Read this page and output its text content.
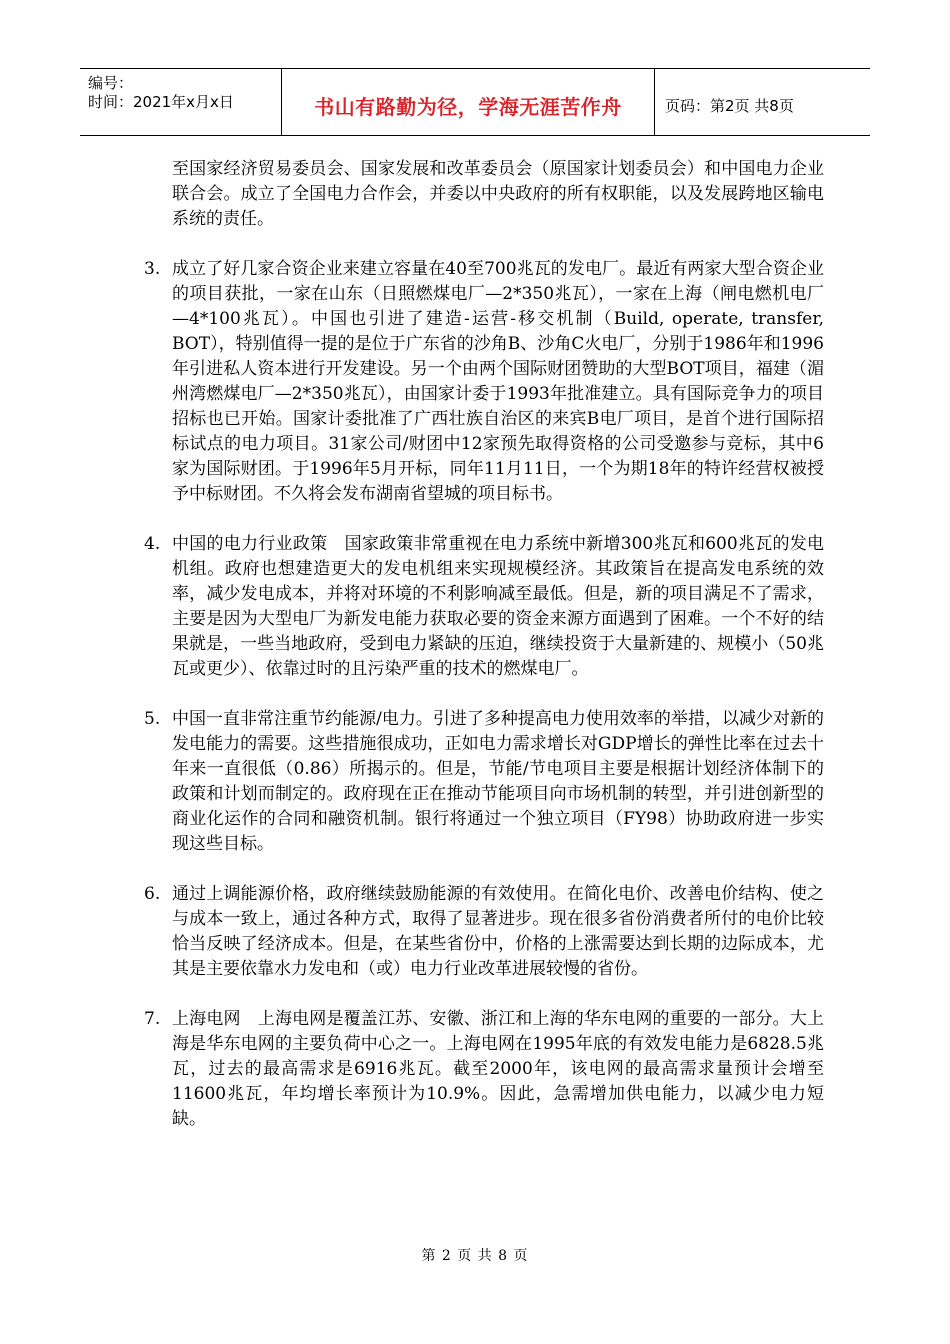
编号：
时间：2021年x月x日	书山有路勤为径，学海无涯苦作舟	页码：第2页 共8页
至国家经济贸易委员会、国家发展和改革委员会（原国家计划委员会）和中国电力企业联合会。成立了全国电力合作会，并委以中央政府的所有权职能，以及发展跨地区输电系统的责任。
3. 成立了好几家合资企业来建立容量在40至700兆瓦的发电厂。最近有两家大型合资企业的项目获批，一家在山东（日照燃煤电厂—2*350兆瓦），一家在上海（闸电燃机电厂—4*100兆瓦）。中国也引进了建造-运营-移交机制（Build, operate, transfer, BOT），特别值得一提的是位于广东省的沙角B、沙角C火电厂，分别于1986年和1996年引进私人资本进行开发建设。另一个由两个国际财团赞助的大型BOT项目，福建（湄州湾燃煤电厂—2*350兆瓦），由国家计委于1993年批准建立。具有国际竞争力的项目招标也已开始。国家计委批准了广西壮族自治区的来宾B电厂项目，是首个进行国际招标试点的电力项目。31家公司/财团中12家预先取得资格的公司受邀参与竞标，其中6家为国际财团。于1996年5月开标，同年11月11日，一个为期18年的特许经营权被授予中标财团。不久将会发布湖南省望城的项目标书。
4. 中国的电力行业政策　国家政策非常重视在电力系统中新增300兆瓦和600兆瓦的发电机组。政府也想建造更大的发电机组来实现规模经济。其政策旨在提高发电系统的效率，减少发电成本，并将对环境的不利影响减至最低。但是，新的项目满足不了需求，主要是因为大型电厂为新发电能力获取必要的资金来源方面遇到了困难。一个不好的结果就是，一些当地政府，受到电力紧缺的压迫，继续投资于大量新建的、规模小（50兆瓦或更少）、依靠过时的且污染严重的技术的燃煤电厂。
5. 中国一直非常注重节约能源/电力。引进了多种提高电力使用效率的举措，以减少对新的发电能力的需要。这些措施很成功，正如电力需求增长对GDP增长的弹性比率在过去十年来一直很低（0.86）所揭示的。但是，节能/节电项目主要是根据计划经济体制下的政策和计划而制定的。政府现在正在推动节能项目向市场机制的转型，并引进创新型的商业化运作的合同和融资机制。银行将通过一个独立项目（FY98）协助政府进一步实现这些目标。
6. 通过上调能源价格，政府继续鼓励能源的有效使用。在简化电价、改善电价结构、使之与成本一致上，通过各种方式，取得了显著进步。现在很多省份消费者所付的电价比较恰当反映了经济成本。但是，在某些省份中，价格的上涨需要达到长期的边际成本，尤其是主要依靠水力发电和（或）电力行业改革进展较慢的省份。
7. 上海电网　上海电网是覆盖江苏、安徽、浙江和上海的华东电网的重要的一部分。大上海是华东电网的主要负荷中心之一。上海电网在1995年底的有效发电能力是6828.5兆瓦，过去的最高需求是6916兆瓦。截至2000年，该电网的最高需求量预计会增至11600兆瓦，年均增长率预计为10.9%。因此，急需增加供电能力，以减少电力短缺。
第 2 页 共 8 页
